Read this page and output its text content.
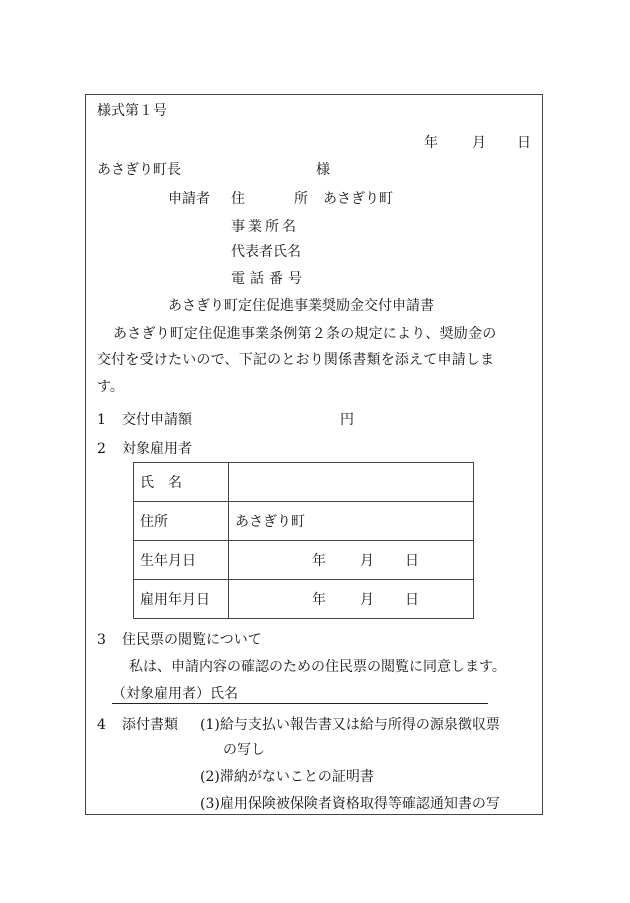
様式第１号
年 月 日
あさぎり町長	様
申請者 住	所 あさぎり町
事業所名
代表者氏名
電話番号
あさぎり町定住促進事業奨励金交付申請書
あさぎり町定住促進事業条例第２条の規定により、奨励金の
交付を受けたいので、下記のとおり関係書類を添えて申請しま
す。
1 交付申請額	円
2 対象雇用者
氏　名	
住所	あさぎり町
生年月日	年 月 日

雇用年月日	年 月 日
3 住民票の閲覧について
私は、申請内容の確認のための住民票の閲覧に同意します。
（対象雇用者）氏名
4 添付書類 (1)給与支払い報告書又は給与所得の源泉徴収票
の写し
(2)滞納がないことの証明書
(3)雇用保険被保険者資格取得等確認通知書の写
